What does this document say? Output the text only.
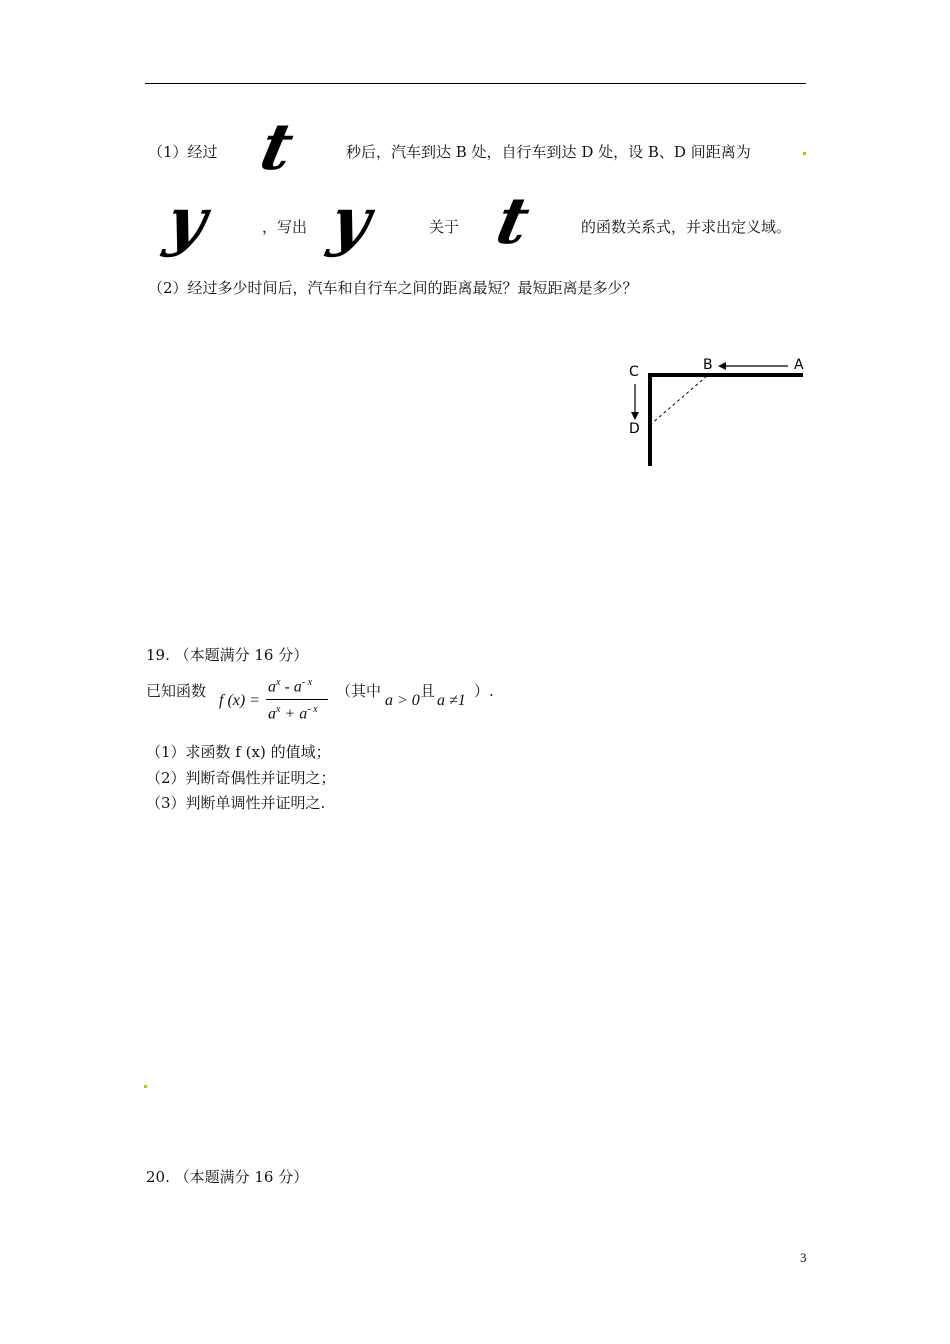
（1）经过 t	秒后，汽车到达 B 处，自行车到达 D 处，设 B、D 间距离为
y	，写出 y	关于 t	的函数关系式，并求出定义域。
（2）经过多少时间后，汽车和自行车之间的距离最短？最短距离是多少？
A
B
C
D
19. （本题满分 16 分）
已知函数
f (x) =
$a^x - a^{- x}$
$a^x + a^{- x}$
（其中
a > 0
且
a ≠1
）.
（1）求函数 f (x) 的值域；
（2）判断奇偶性并证明之；
（3）判断单调性并证明之.
20. （本题满分 16 分）
3
